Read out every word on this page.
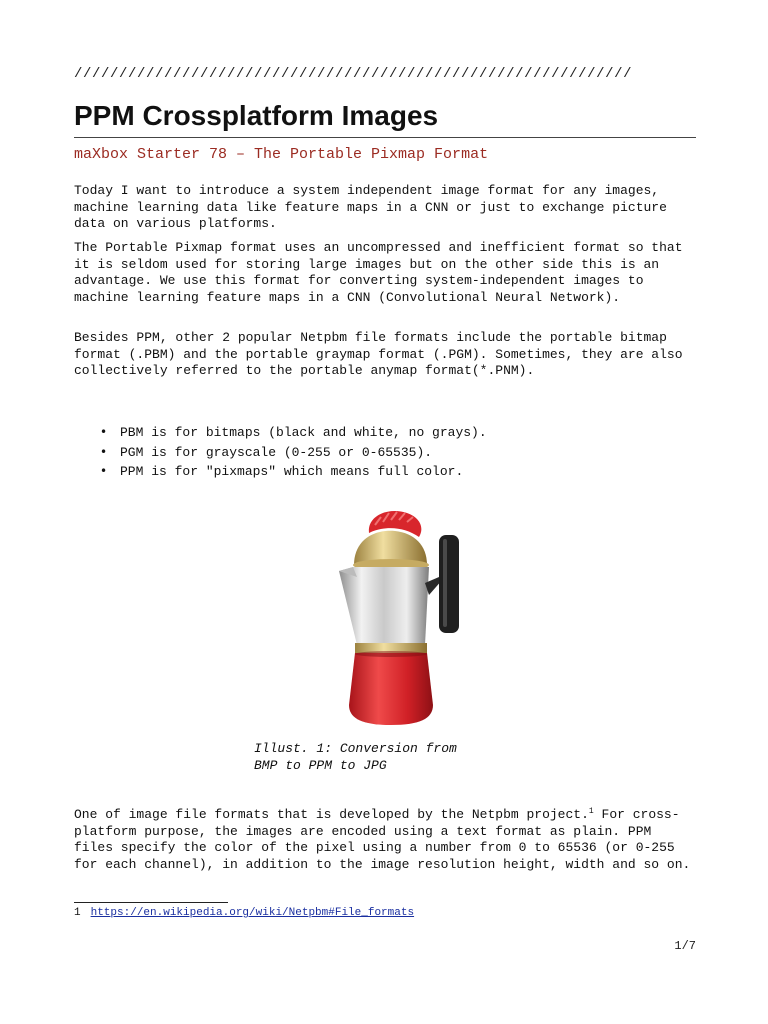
//////////////////////////////////////////////////////////////
PPM Crossplatform Images
maXbox Starter 78 – The Portable Pixmap Format

Today I want to introduce a system independent image format for any images, machine learning data like feature maps in a CNN or just to exchange picture data on various platforms.

The Portable Pixmap format uses an uncompressed and inefficient format so that it is seldom used for storing large images but on the other side this is an advantage. We use this format for converting system-independent images to machine learning feature maps in a CNN (Convolutional Neural Network).

Besides PPM, other 2 popular Netpbm file formats include the portable bitmap format (.PBM) and the portable graymap format (.PGM). Sometimes, they are also collectively referred to the portable anymap format(*.PNM).

• PBM is for bitmaps (black and white, no grays).
• PGM is for grayscale (0-255 or 0-65535).
• PPM is for "pixmaps" which means full color.
Illust. 1: Conversion from
BMP to PPM to JPG

One of image file formats that is developed by the Netpbm project.$^1$ For cross-platform purpose, the images are encoded using a text format as plain. PPM files specify the color of the pixel using a number from 0 to 65536 (or 0-255 for each channel), in addition to the image resolution height, width and so on.

1 https://en.wikipedia.org/wiki/Netpbm#File_formats
1/7
